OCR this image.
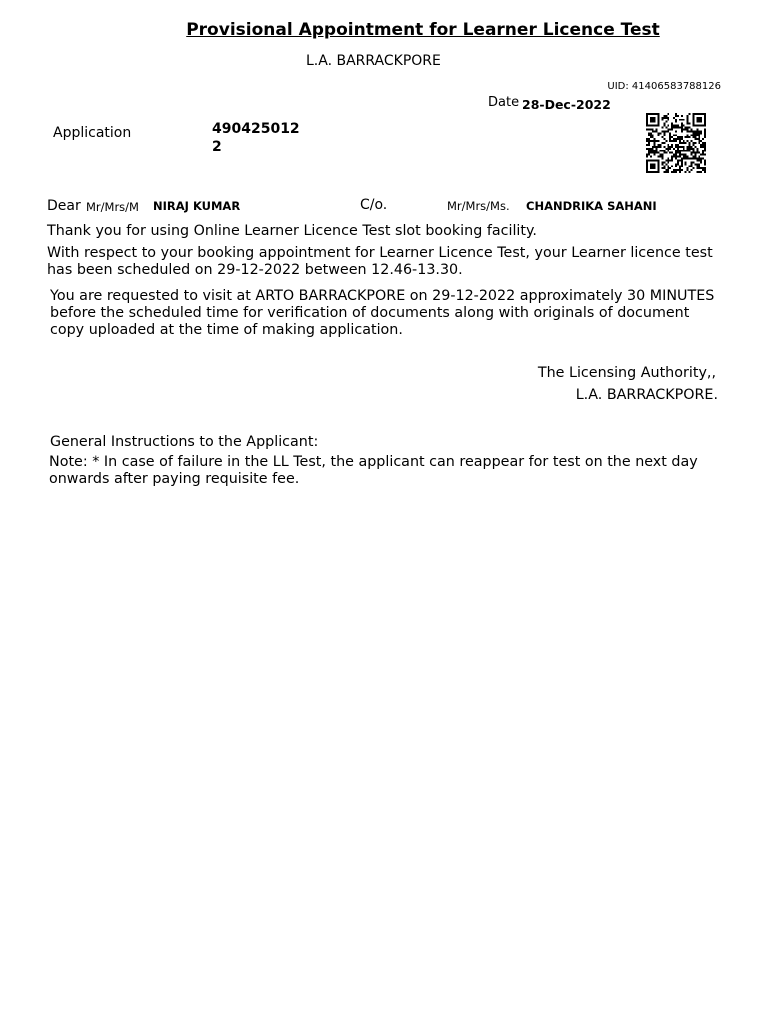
Provisional Appointment for Learner Licence Test
L.A. BARRACKPORE
UID: 41406583788126
Date 28-Dec-2022
Application	4904250122
Dear Mr/Mrs/M NIRAJ KUMAR	C/o.	Mr/Mrs/Ms. CHANDRIKA SAHANI
Thank you for using Online Learner Licence Test slot booking facility.
With respect to your booking appointment for Learner Licence Test, your Learner licence test has been scheduled on 29-12-2022 between 12.46-13.30.
You are requested to visit at ARTO BARRACKPORE on 29-12-2022 approximately 30 MINUTES before the scheduled time for verification of documents along with originals of document copy uploaded at the time of making application.
The Licensing Authority,,
L.A. BARRACKPORE.
General Instructions to the Applicant:
Note: * In case of failure in the LL Test, the applicant can reappear for test on the next day onwards after paying requisite fee.
